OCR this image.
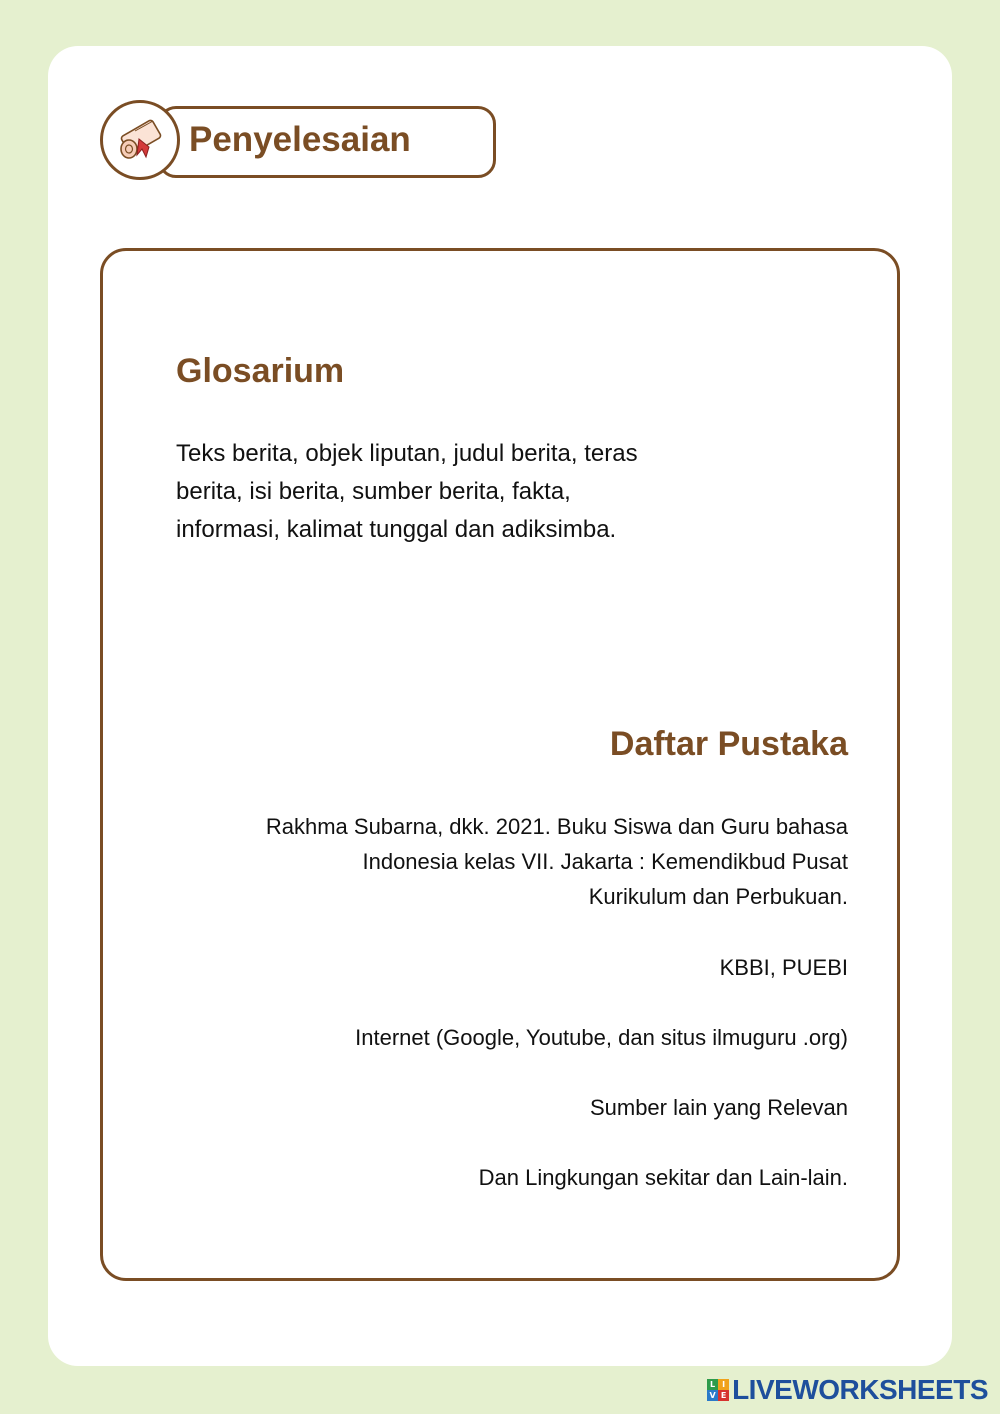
Penyelesaian
Glosarium
Teks berita, objek liputan, judul berita, teras
berita, isi berita, sumber berita, fakta,
informasi, kalimat tunggal dan adiksimba.
Daftar Pustaka
Rakhma Subarna, dkk. 2021. Buku Siswa dan Guru bahasa
Indonesia kelas VII. Jakarta : Kemendikbud Pusat
Kurikulum dan Perbukuan.
KBBI, PUEBI
Internet (Google, Youtube, dan situs ilmuguru .org)
Sumber lain yang Relevan
Dan Lingkungan sekitar dan Lain-lain.
L I
V E LIVEWORKSHEETS
